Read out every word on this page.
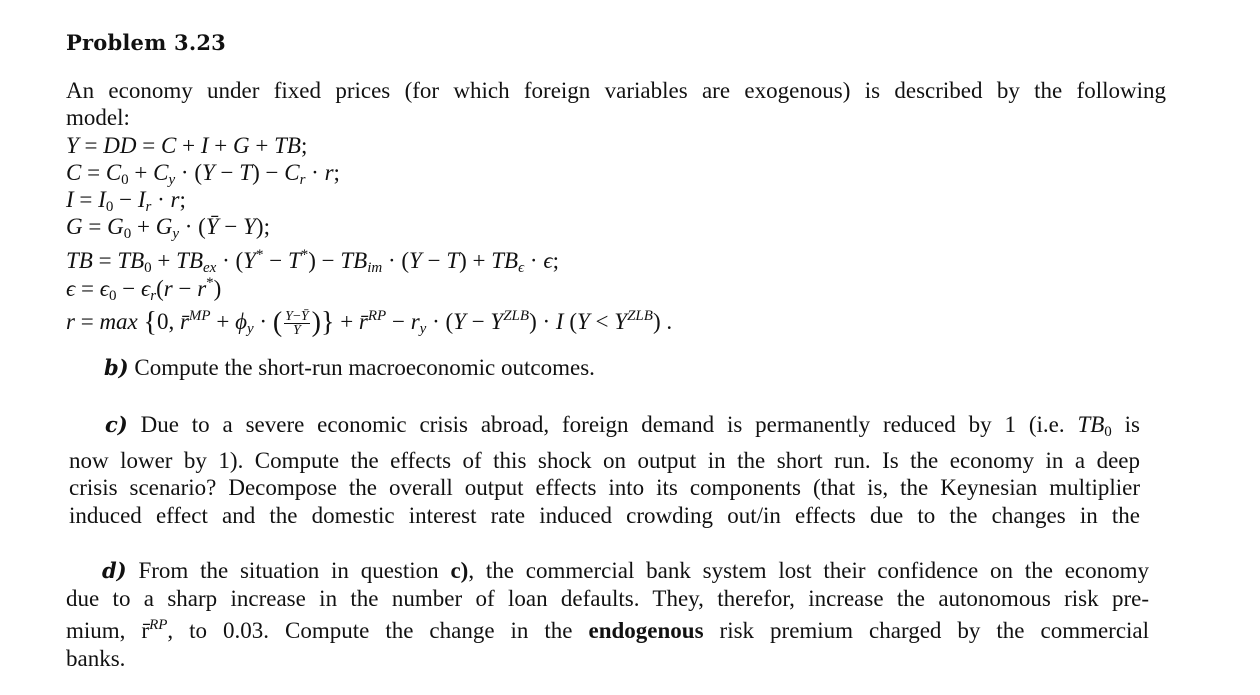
Problem 3.23
An economy under fixed prices (for which foreign variables are exogenous) is described by the following
model:
Y = DD = C + I + G + TB;
$C = C_0 + C_y \cdot (Y - T) - C_r \cdot r$;
$I = I_0 - I_r \cdot r$;
$G = G_0 + G_y$ · (Ȳ − Y);
TB = $TB_0 + TB_{ex} \cdot (Y^* - T^*) - TB_{im} \cdot (Y - T) + TB_\epsilon \cdot \epsilon$;
$\epsilon = \epsilon_0 - \epsilon_r(r - r^*)$
r = max {0, r̄$^{MP}$ + $\phi_y$ · ( $\frac{Y-Ȳ}{Ȳ}$ )} + r̄$^{RP}$ − $r_y \cdot (Y - Y^{ZLB}) \cdot I$ $(Y < Y^{ZLB})$ .
b) Compute the short-run macroeconomic outcomes.
c) Due to a severe economic crisis abroad, foreign demand is permanently reduced by 1 (i.e. $TB_0$ is
now lower by 1). Compute the effects of this shock on output in the short run. Is the economy in a deep
crisis scenario? Decompose the overall output effects into its components (that is, the Keynesian multiplier
induced effect and the domestic interest rate induced crowding out/in effects due to the changes in the
d) From the situation in question c), the commercial bank system lost their confidence on the economy
due to a sharp increase in the number of loan defaults. They, therefor, increase the autonomous risk pre-
mium, r̄$^{RP}$, to 0.03. Compute the change in the endogenous risk premium charged by the commercial
banks.
